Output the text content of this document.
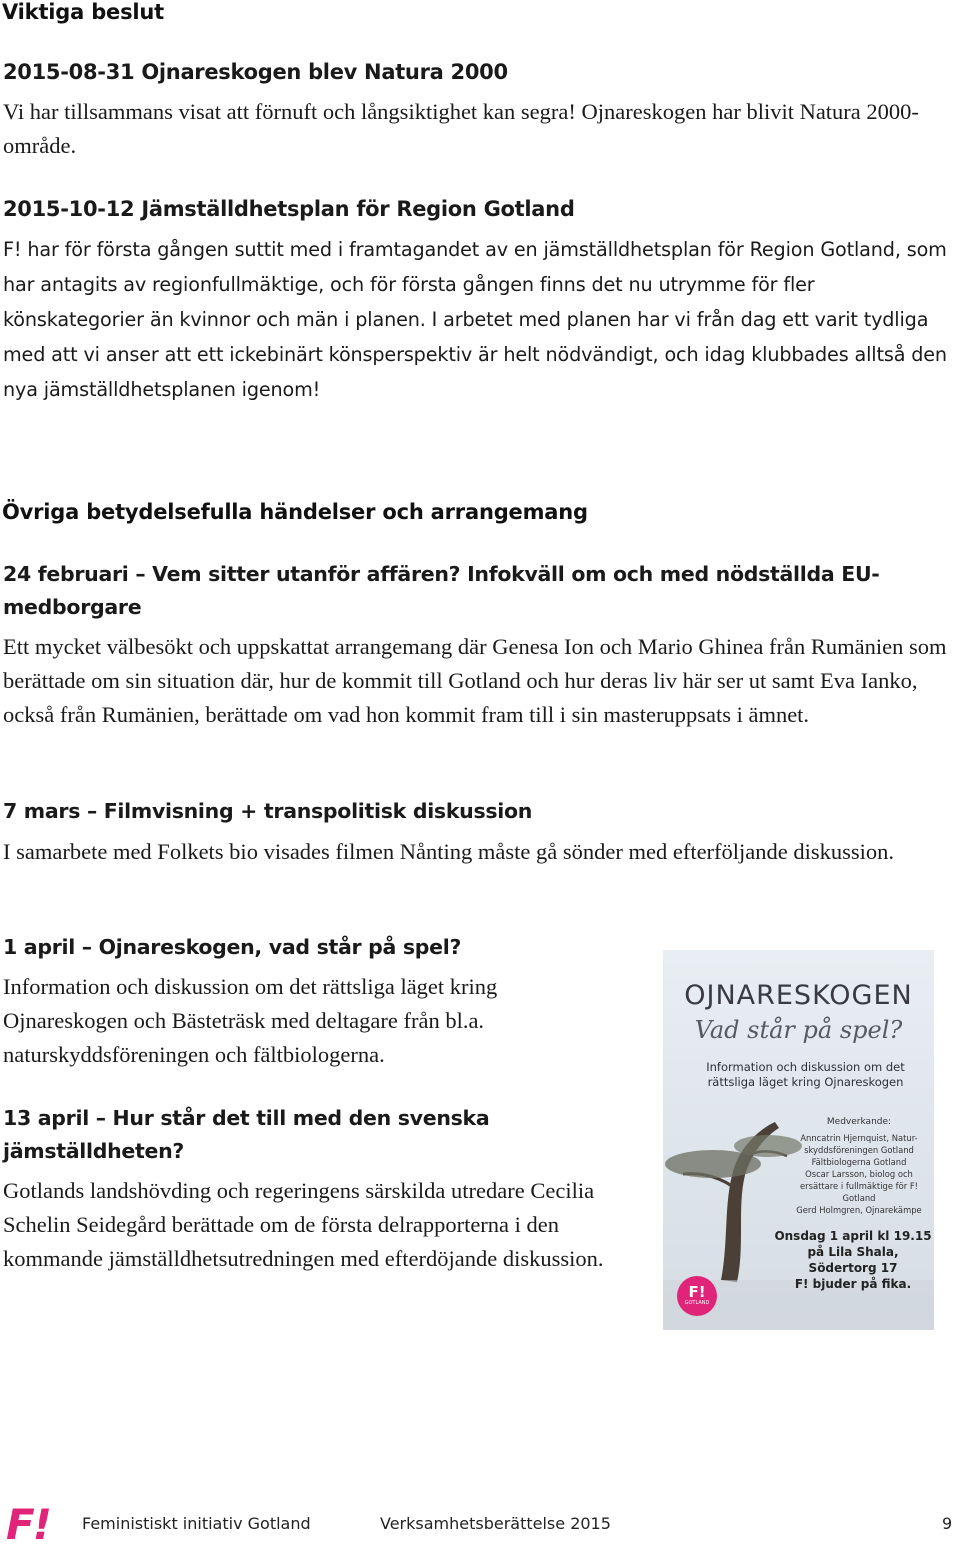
Viktiga beslut
2015-08-31 Ojnareskogen blev Natura 2000
Vi har tillsammans visat att förnuft och långsiktighet kan segra! Ojnareskogen har blivit Natura 2000-område.
2015-10-12 Jämställdhetsplan för Region Gotland
F! har för första gången suttit med i framtagandet av en jämställdhetsplan för Region Gotland, som har antagits av regionfullmäktige, och för första gången finns det nu utrymme för fler könskategorier än kvinnor och män i planen. I arbetet med planen har vi från dag ett varit tydliga med att vi anser att ett ickebinärt könsperspektiv är helt nödvändigt, och idag klubbades alltså den nya jämställdhetsplanen igenom!
Övriga betydelsefulla händelser och arrangemang
24 februari – Vem sitter utanför affären? Infokväll om och med nödställda EU-medborgare
Ett mycket välbesökt och uppskattat arrangemang där Genesa Ion och Mario Ghinea från Rumänien som berättade om sin situation där, hur de kommit till Gotland och hur deras liv här ser ut samt Eva Ianko, också från Rumänien, berättade om vad hon kommit fram till i sin masteruppsats i ämnet.
7 mars – Filmvisning + transpolitisk diskussion
I samarbete med Folkets bio visades filmen Nånting måste gå sönder med efterföljande diskussion.
1 april – Ojnareskogen, vad står på spel?
Information och diskussion om det rättsliga läget kring Ojnareskogen och Bästeträsk med deltagare från bl.a. naturskyddsföreningen och fältbiologerna.
13 april – Hur står det till med den svenska jämställdheten?
Gotlands landshövding och regeringens särskilda utredare Cecilia Schelin Seidegård berättade om de första delrapporterna i den kommande jämställdhetsutredningen med efterdöjande diskussion.
OJNARESKOGEN
Vad står på spel?
Information och diskussion om det rättsliga läget kring Ojnareskogen
Medverkande:
Anncatrin Hjernquist, Natur-skyddsföreningen Gotland
Fältbiologerna Gotland
Oscar Larsson, biolog och ersättare i fullmäktige för F! Gotland
Gerd Holmgren, Ojnarekämpe
Onsdag 1 april kl 19.15
på Lila Shala, Södertorg 17
F! bjuder på fika.
F!
GOTLAND
F! Feministiskt initiativ Gotland	Verksamhetsberättelse 2015	9
